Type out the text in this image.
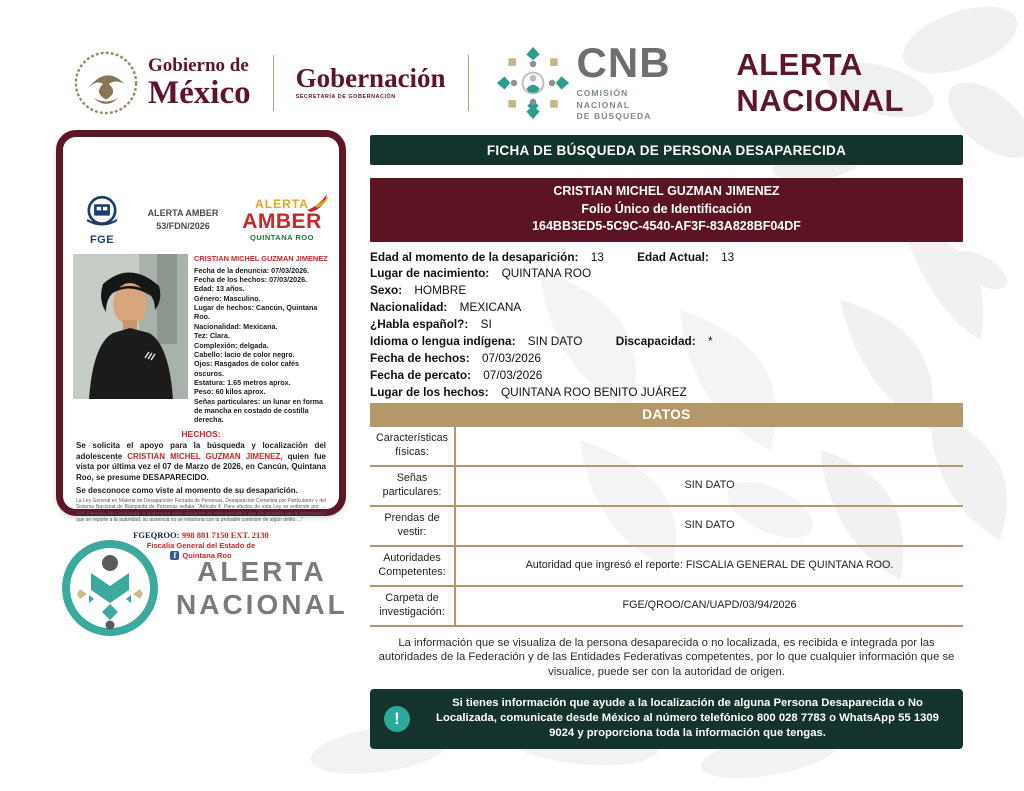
Gobierno de
México Gobernación
SECRETARÍA DE GOBERNACIÓN
CNB
COMISIÓN NACIONAL
DE BÚSQUEDA
ALERTA NACIONAL
FGE
ALERTA AMBER
53/FDN/2026
ALERTA
AMBER
QUINTANA ROO
CRISTIAN MICHEL GUZMAN JIMENEZ
Fecha de la denuncia: 07/03/2026.
Fecha de los hechos: 07/03/2026.
Edad: 13 años.
Género: Masculino.
Lugar de hechos: Cancún, Quintana Roo.
Nacionalidad: Mexicana.
Tez: Clara.
Complexión: delgada.
Cabello: lacio de color negro.
Ojos: Rasgados de color cafés oscuros.
Estatura: 1.65 metros aprox.
Peso: 60 kilos aprox.
Señas particulares: un lunar en forma de mancha en costado de costilla derecha.
HECHOS:
Se solicita el apoyo para la búsqueda y localización del adolescente CRISTIAN MICHEL GUZMAN JIMENEZ, quien fue vista por última vez el 07 de Marzo de 2026, en Cancún, Quintana Roo, se presume DESAPARECIDO.
Se desconoce como viste al momento de su desaparición.
La Ley General en Materia de Desaparición Forzada de Personas, Desaparición Cometida por Particulares y del Sistema Nacional de Búsqueda de Personas señala: "Artículo 4. Para efectos de esta Ley se entiende por: ... XVI. Persona No Localizada: a la persona cuya ubicación es desconocida y que de acuerdo con la información que se reporte a la autoridad, su ausencia no se relaciona con la probable comisión de algún delito ..."
FGEQROO: 998 881 7150 EXT. 2130
Fiscalía General del Estado de
f Quintana Roo
FICHA DE BÚSQUEDA DE PERSONA DESAPARECIDA
CRISTIAN MICHEL GUZMAN JIMENEZ
Folio Único de Identificación
164BB3ED5-5C9C-4540-AF3F-83A828BF04DF
Edad al momento de la desaparición: 13	Edad Actual: 13
Lugar de nacimiento: QUINTANA ROO
Sexo: HOMBRE
Nacionalidad: MEXICANA
¿Habla español?: SI
Idioma o lengua indígena: SIN DATO	Discapacidad: *
Fecha de hechos: 07/03/2026
Fecha de percato: 07/03/2026
Lugar de los hechos: QUINTANA ROO BENITO JUÁREZ
DATOS
Características físicas:
Señas particulares:
SIN DATO
Prendas de vestir:
SIN DATO
Autoridades Competentes:
Autoridad que ingresó el reporte: FISCALIA GENERAL DE QUINTANA ROO.
Carpeta de investigación:
FGE/QROO/CAN/UAPD/03/94/2026
La información que se visualiza de la persona desaparecida o no localizada, es recibida e integrada por las autoridades de la Federación y de las Entidades Federativas competentes, por lo que cualquier información que se visualice, puede ser con la autoridad de origen.
!
Si tienes información que ayude a la localización de alguna Persona Desaparecida o No Localizada, comunicate desde México al número telefónico 800 028 7783 o WhatsApp 55 1309 9024 y proporciona toda la información que tengas.
ALERTA
NACIONAL
